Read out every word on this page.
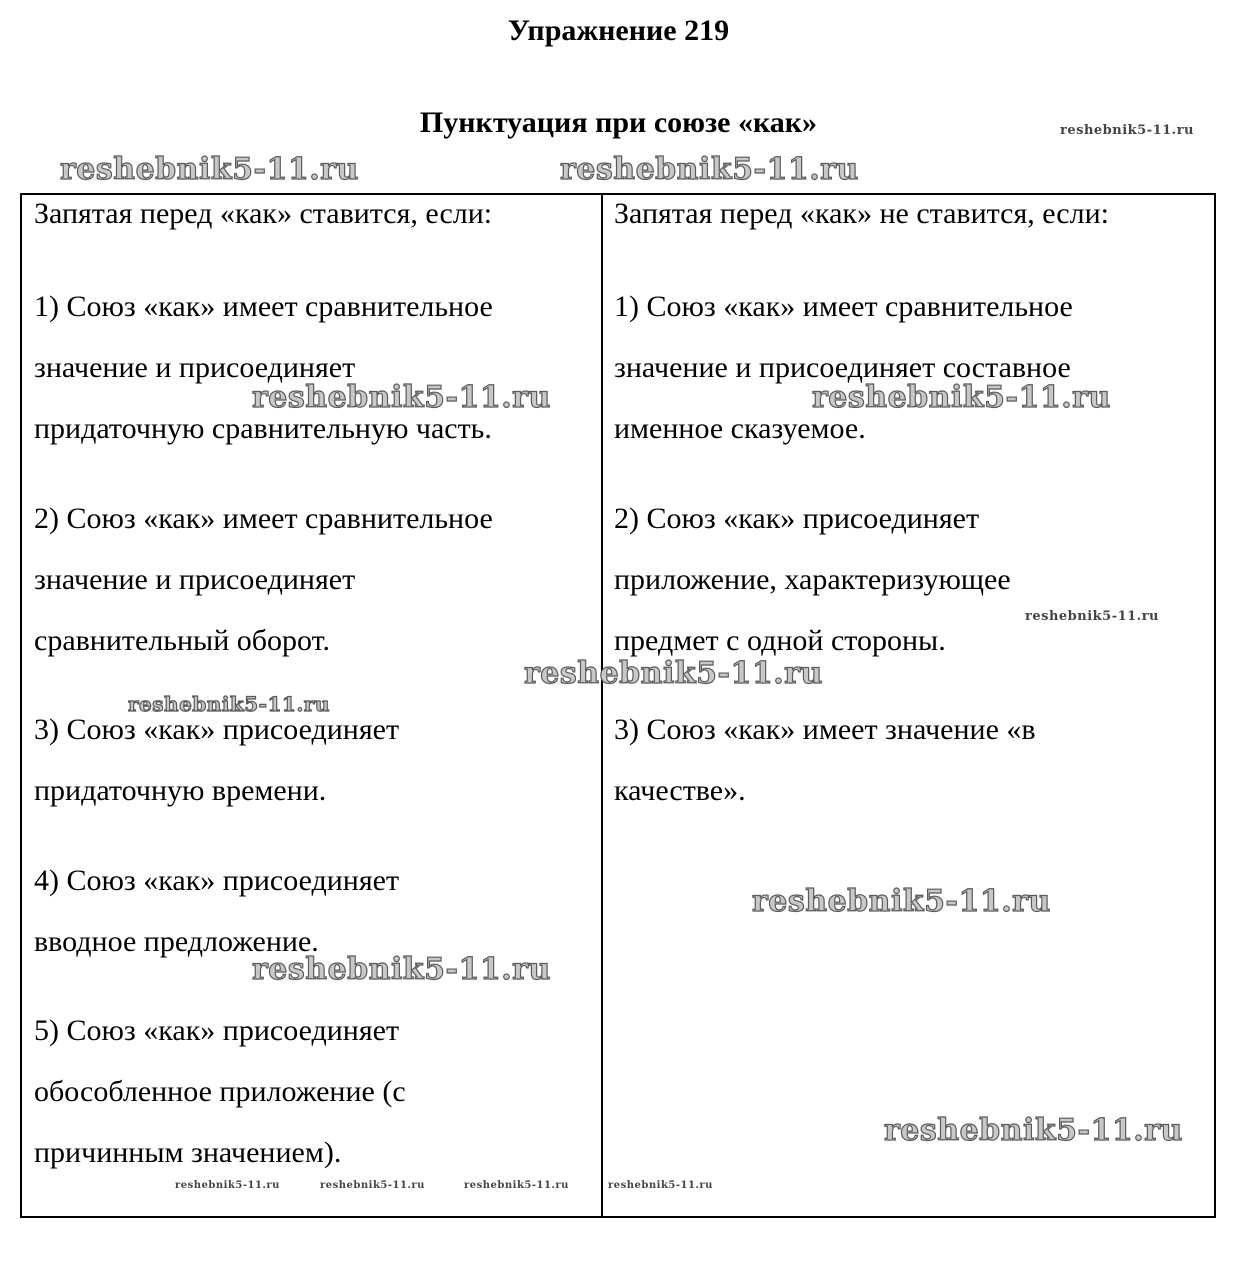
Упражнение 219
Пунктуация при союзе «как»
Запятая перед «как» ставится, если:
1) Союз «как» имеет сравнительное
значение и присоединяет
придаточную сравнительную часть.
2) Союз «как» имеет сравнительное
значение и присоединяет
сравнительный оборот.
3) Союз «как» присоединяет
придаточную времени.
4) Союз «как» присоединяет
вводное предложение.
5) Союз «как» присоединяет
обособленное приложение (с
причинным значением).
Запятая перед «как» не ставится, если:
1) Союз «как» имеет сравнительное
значение и присоединяет составное
именное сказуемое.
2) Союз «как» присоединяет
приложение, характеризующее
предмет с одной стороны.
3) Союз «как» имеет значение «в
качестве».
reshebnik5-11.ru	reshebnik5-11.ru
reshebnik5-11.ru
reshebnik5-11.ru	reshebnik5-11.ru
reshebnik5-11.ru
reshebnik5-11.ru
reshebnik5-11.ru
reshebnik5-11.ru
reshebnik5-11.ru
reshebnik5-11.ru
reshebnik5-11.ru	reshebnik5-11.ru	reshebnik5-11.ru	reshebnik5-11.ru
